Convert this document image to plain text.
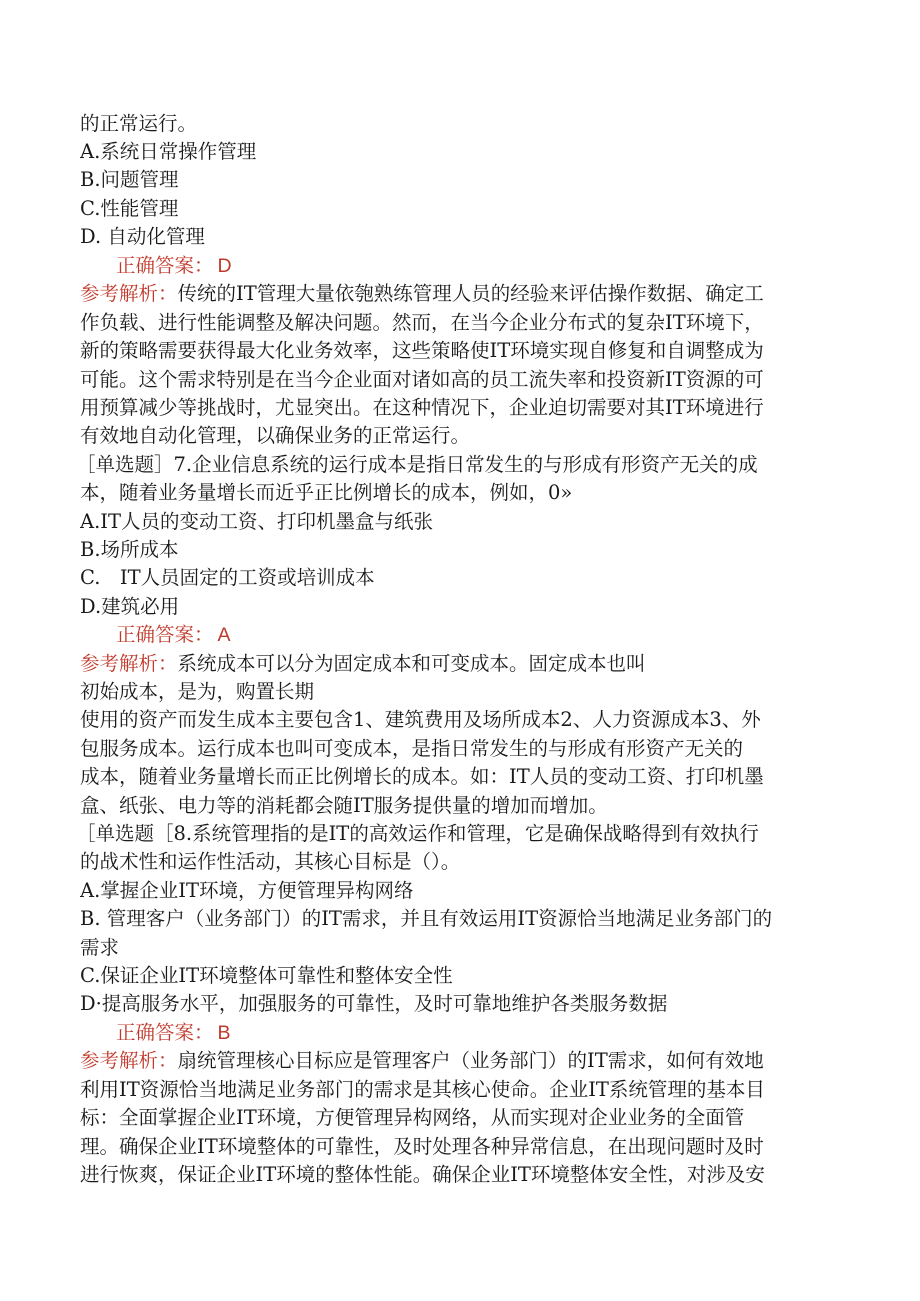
的正常运行。
A.系统日常操作管理
B.问题管理
C.性能管理
D. 自动化管理
正确答案： D
参考解析：传统的IT管理大量依匏熟练管理人员的经验来评估操作数据、确定工
作负载、进行性能调整及解决问题。然而，在当今企业分布式的复杂IT环境下，
新的策略需要获得最大化业务效率，这些策略使IT环境实现自修复和自调整成为
可能。这个需求特别是在当今企业面对诸如高的员工流失率和投资新IT资源的可
用预算减少等挑战时，尤显突出。在这种情况下，企业迫切需要对其IT环境进行
有效地自动化管理，以确保业务的正常运行。
［单选题］7.企业信息系统的运行成本是指日常发生的与形成有形资产无关的成
本，随着业务量增长而近乎正比例增长的成本，例如，0»
A.IT人员的变动工资、打印机墨盒与纸张
B.场所成本
C.　IT人员固定的工资或培训成本
D.建筑必用
正确答案： A
参考解析：系统成本可以分为固定成本和可变成本。固定成本也叫
初始成本，是为，购置长期
使用的资产而发生成本主要包含1、建筑费用及场所成本2、人力资源成本3、外
包服务成本。运行成本也叫可变成本，是指日常发生的与形成有形资产无关的
成本，随着业务量增长而正比例增长的成本。如：IT人员的变动工资、打印机墨
盒、纸张、电力等的消耗都会随IT服务提供量的增加而增加。
［单选题［8.系统管理指的是IT的高效运作和管理，它是确保战略得到有效执行
的战术性和运作性活动，其核心目标是（）。
A.掌握企业IT环境，方便管理异构网络
B. 管理客户（业务部门）的IT需求，并且有效运用IT资源恰当地满足业务部门的
需求
C.保证企业IT环境整体可靠性和整体安全性
D·提高服务水平，加强服务的可靠性，及时可靠地维护各类服务数据
正确答案： B
参考解析：扇统管理核心目标应是管理客户（业务部门）的IT需求，如何有效地
利用IT资源恰当地满足业务部门的需求是其核心使命。企业IT系统管理的基本目
标：全面掌握企业IT环境，方便管理异构网络，从而实现对企业业务的全面管
理。确保企业IT环境整体的可靠性，及时处理各种异常信息，在出现问题时及时
进行恢爽，保证企业IT环境的整体性能。确保企业IT环境整体安全性，对涉及安
